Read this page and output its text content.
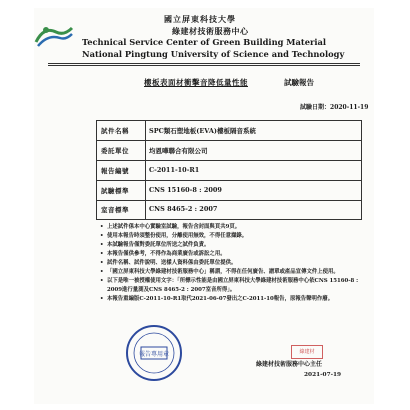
國立屏東科技大學
綠建材技術服務中心
Technical Service Center of Green Building Material
National Pingtung University of Science and Technology
樓板表面材衝擊音降低量性能	試驗報告
試驗日期：2020-11-19
試件名稱	SPC類石塑地板(EVA)樓板隔音系統
委託單位	均恩嘩聯合有限公司
報告編號	C-2011-10-R1
試驗標準	CNS 15160-8 : 2009
室音標準	CNS 8465-2 : 2007
• 上述試件係本中心實驗室試驗，報告含封面與頁共9頁。
• 使用本報告時須整份使用，分離使用無效，不得任意擷錄。
• 本試驗報告僅對委託單位所送之試件負責。
• 本報告僅供參考，不得作為商業廣告或訴訟之用。
• 試件名稱、試件說明、送樣人資料係由委託單位提供。
• 「國立屏東科技大學綠建材技術服務中心」稱謂，不得在任何廣告、譜單或產品宣傳文件上使用。
• 以下是唯一被授權使用文字：「所標示性能是由國立屏東科技大學綠建材技術服務中心依CNS 15160-8 : 2009進行量測及CNS 8465-2 : 2007室音所得」。
• 本報告重編版C-2011-10-R1取代2021-06-07發出之C-2011-10報告，原報告聲明作廢。
報告專用章	綠建材
綠建材技術服務中心主任
2021-07-19
